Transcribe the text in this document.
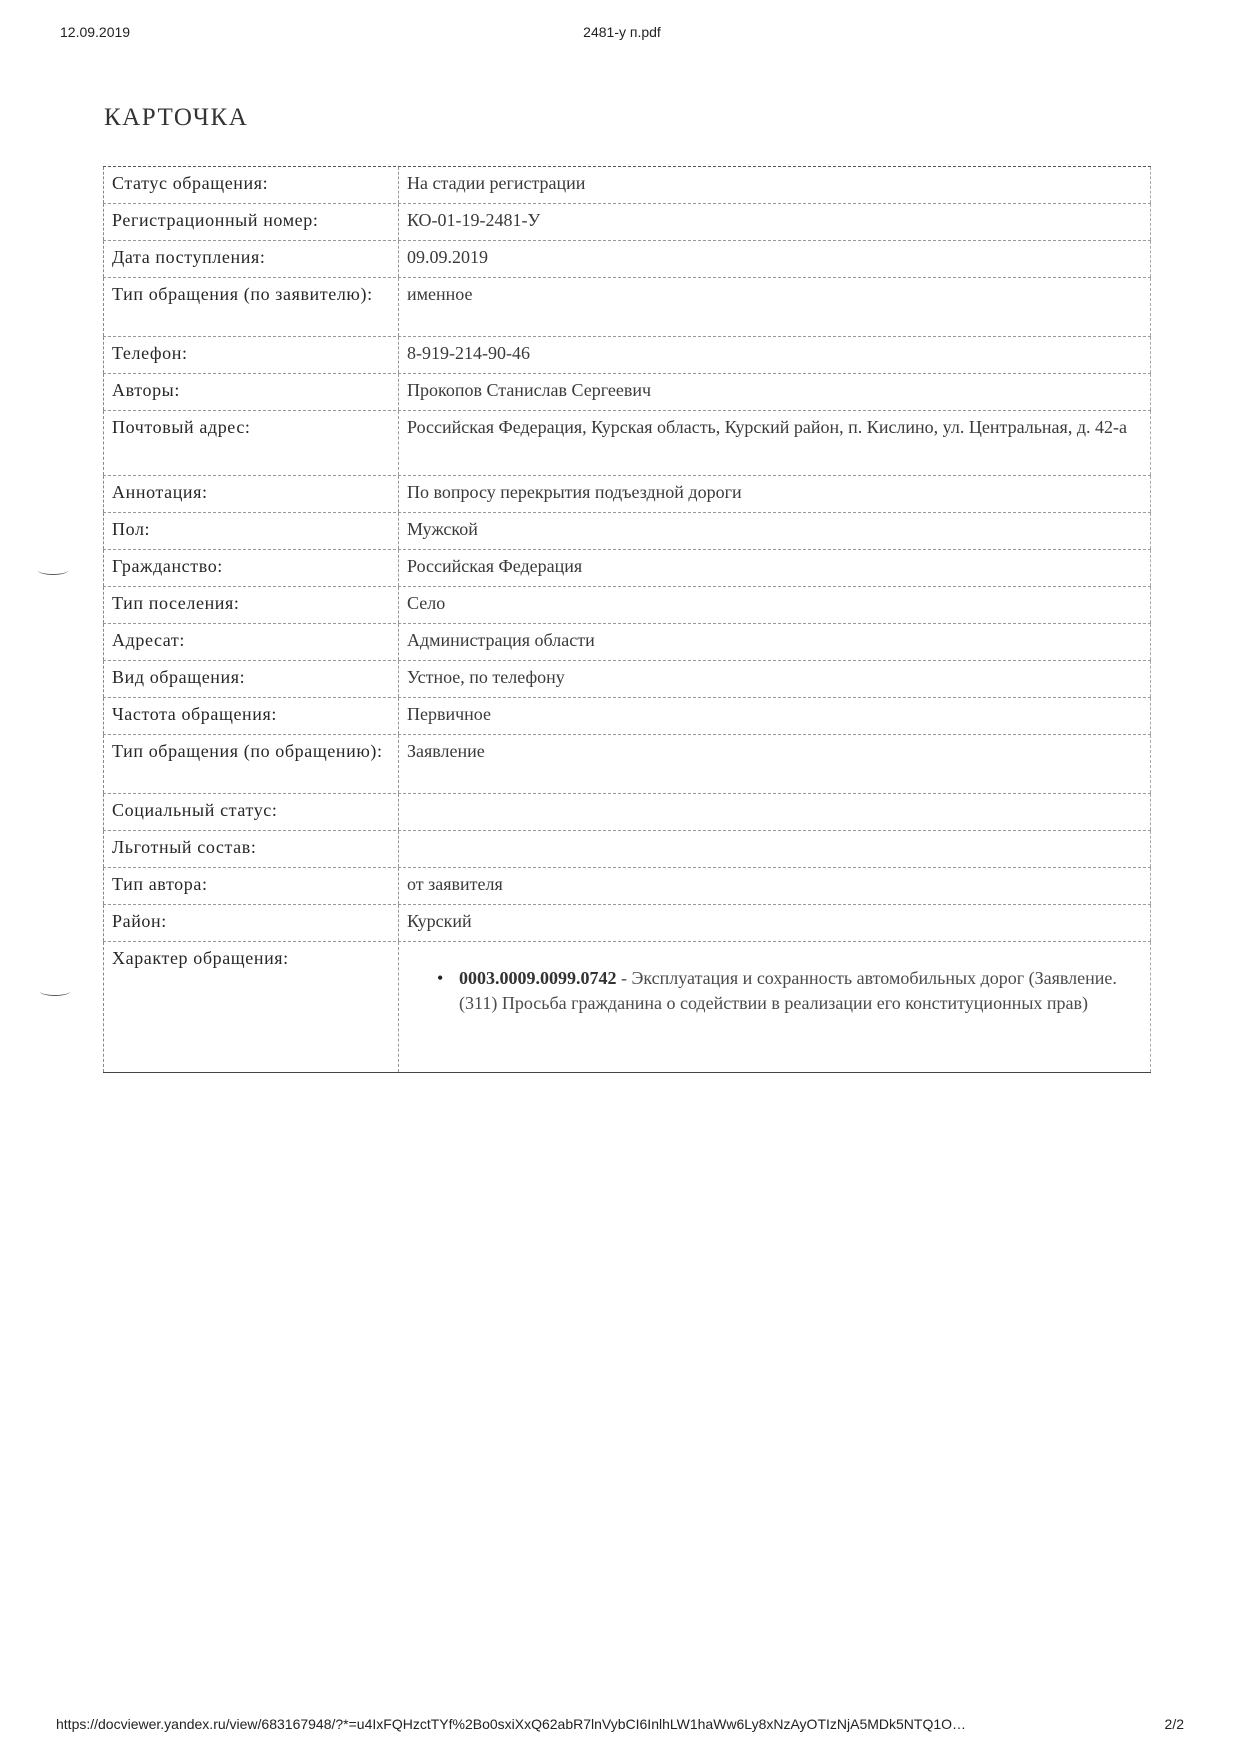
12.09.2019	2481-у п.pdf
КАРТОЧКА
Статус обращения:	На стадии регистрации
Регистрационный номер:	КО-01-19-2481-У
Дата поступления:	09.09.2019
Тип обращения (по заявителю):	именное
Телефон:	8-919-214-90-46
Авторы:	Прокопов Станислав Сергеевич
Почтовый адрес:	Российская Федерация, Курская область, Курский район, п. Кислино, ул. Центральная, д. 42-а
Аннотация:	По вопросу перекрытия подъездной дороги
Пол:	Мужской
Гражданство:	Российская Федерация
Тип поселения:	Село
Адресат:	Администрация области
Вид обращения:	Устное, по телефону
Частота обращения:	Первичное
Тип обращения (по обращению):	Заявление
Социальный статус:
Льготный состав:
Тип автора:	от заявителя
Район:	Курский
Характер обращения:
• 0003.0009.0099.0742 - Эксплуатация и сохранность автомобильных дорог (Заявление. (311) Просьба гражданина о содействии в реализации его конституционных прав)
https://docviewer.yandex.ru/view/683167948/?*=u4IxFQHzctTYf%2Bo0sxiXxQ62abR7lnVybCI6InlhLW1haWw6Ly8xNzAyOTIzNjA5MDk5NTQ1O…	2/2
